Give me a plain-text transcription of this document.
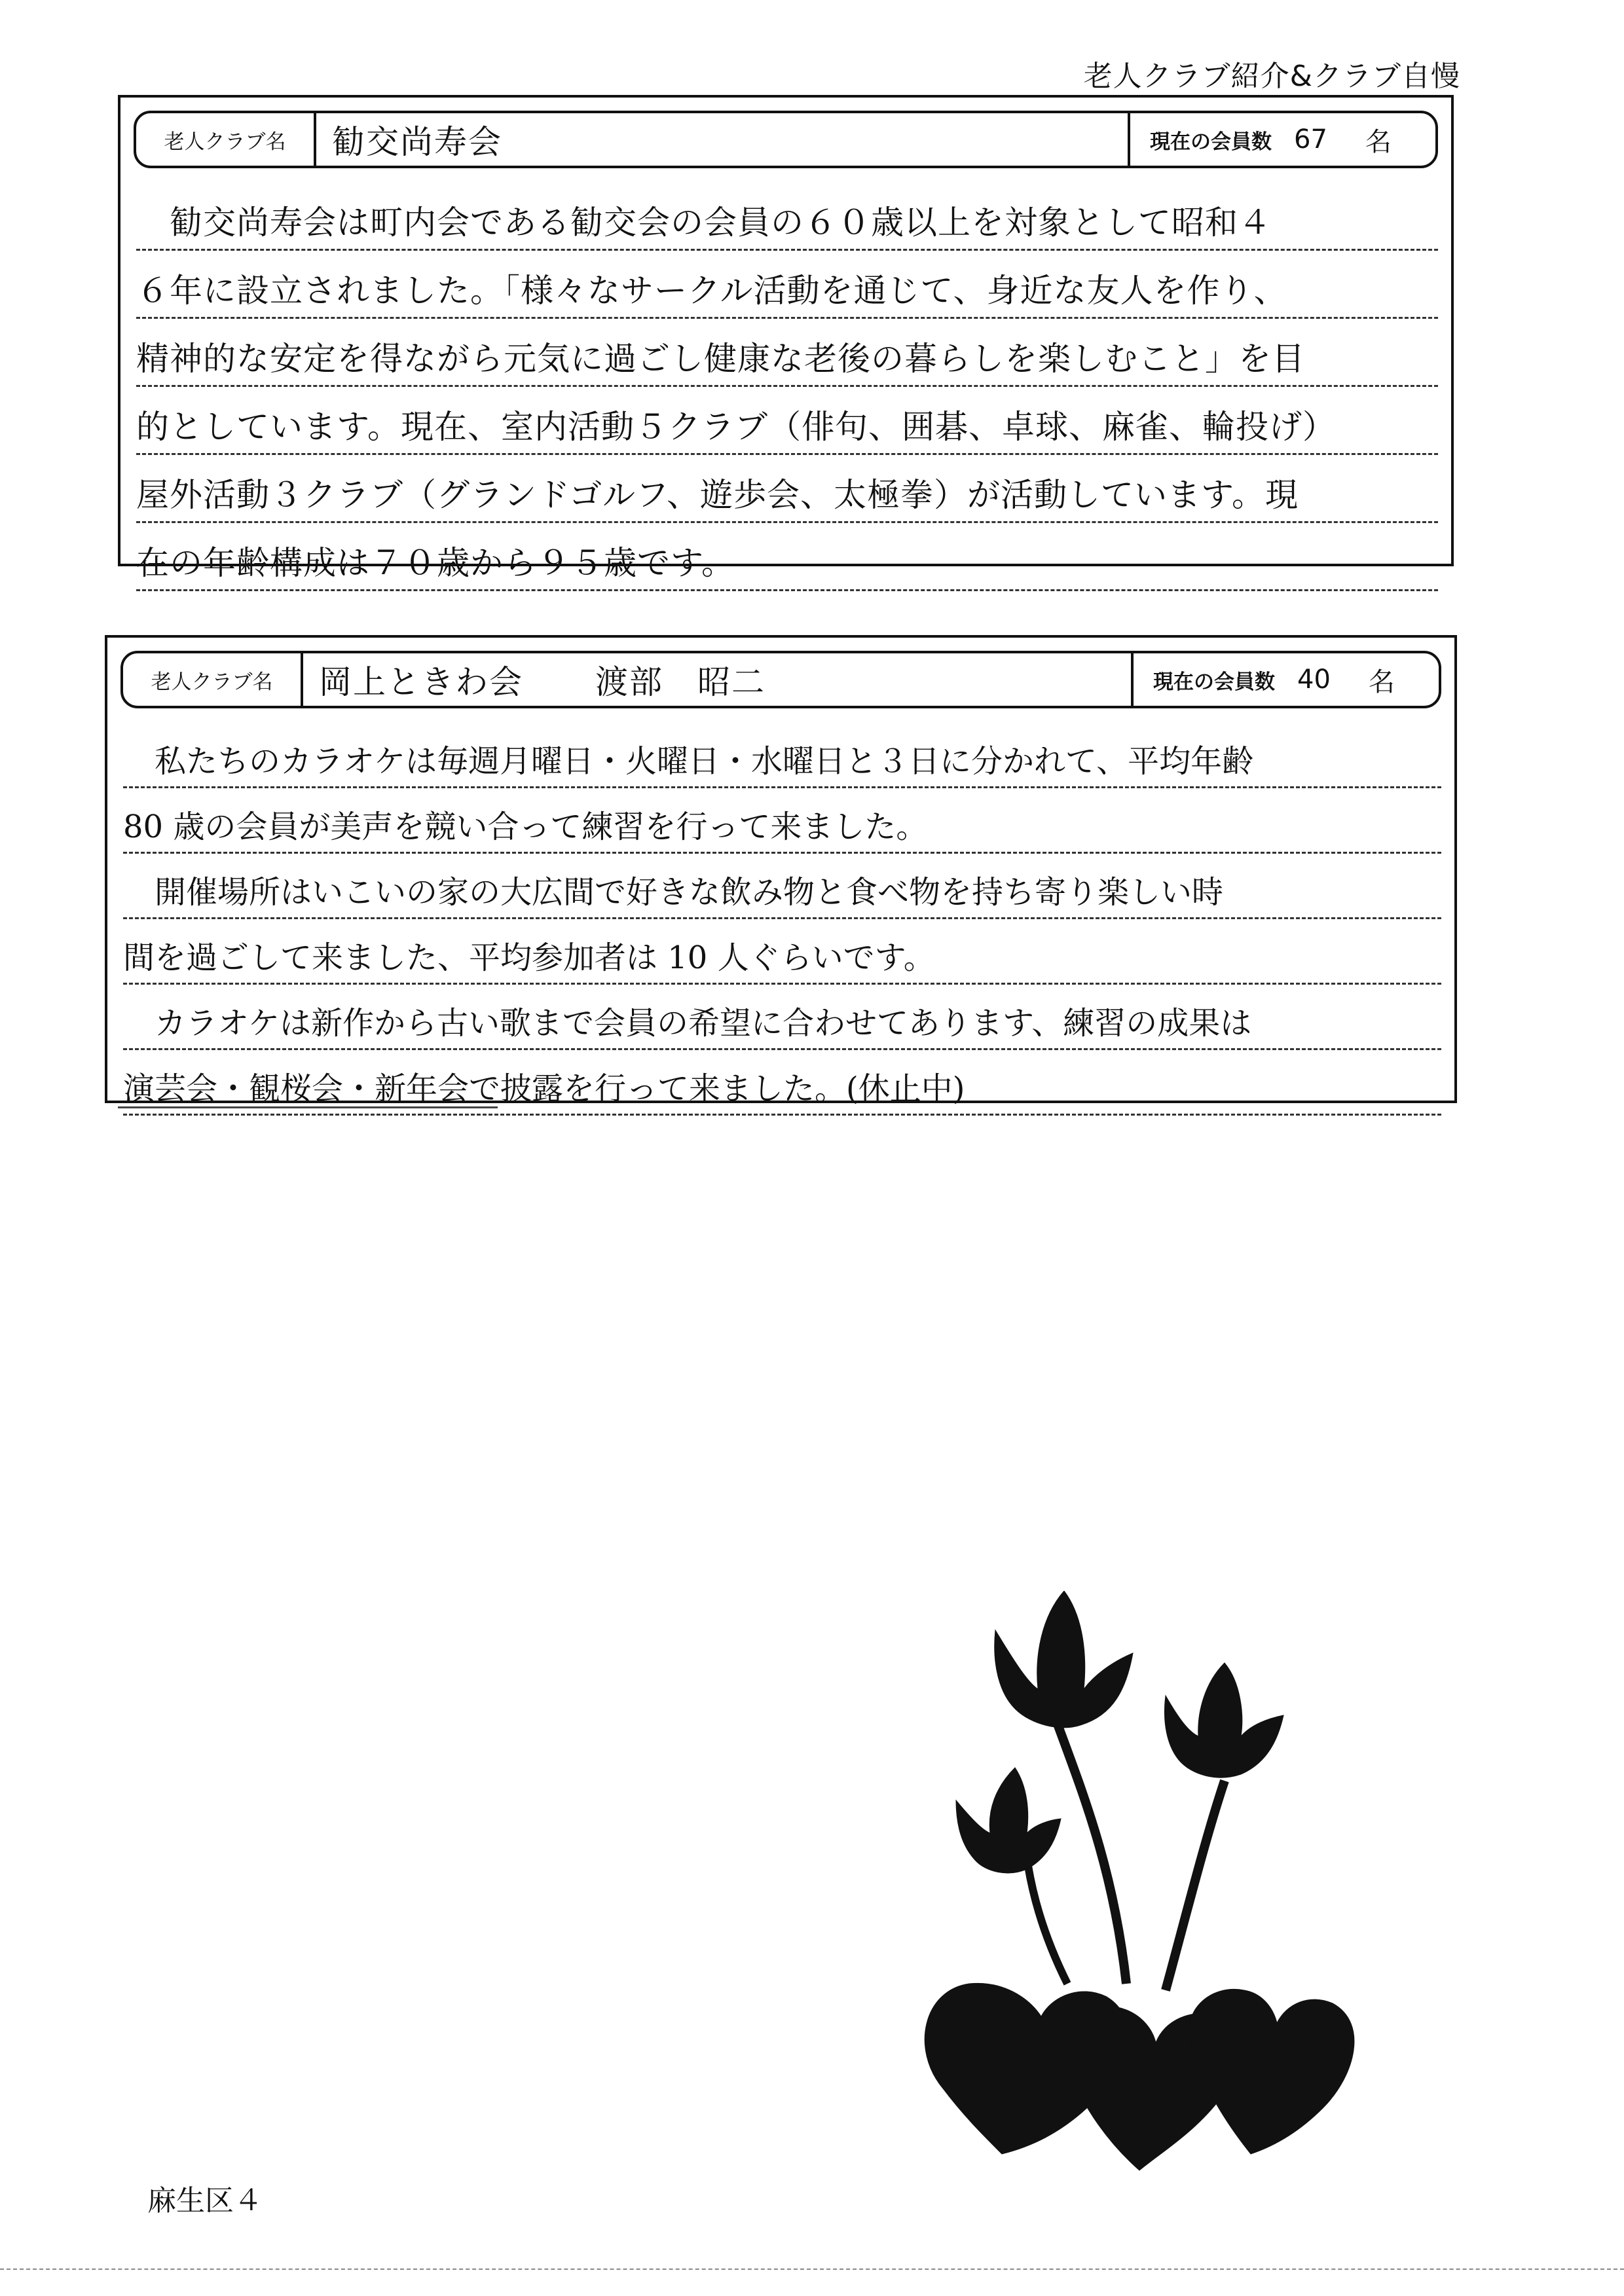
老人クラブ紹介&クラブ自慢
老人クラブ名	勧交尚寿会	現在の会員数 67 名
　勧交尚寿会は町内会である勧交会の会員の６０歳以上を対象として昭和４
６年に設立されました。「様々なサークル活動を通じて、身近な友人を作り、
精神的な安定を得ながら元気に過ごし健康な老後の暮らしを楽しむこと」を目
的としています。現在、室内活動５クラブ（俳句、囲碁、卓球、麻雀、輪投げ）
屋外活動３クラブ（グランドゴルフ、遊歩会、太極拳）が活動しています。現
在の年齢構成は７０歳から９５歳です。
老人クラブ名	岡上ときわ会 渡部　昭二	現在の会員数 40 名
　私たちのカラオケは毎週月曜日・火曜日・水曜日と３日に分かれて、平均年齢
80 歳の会員が美声を競い合って練習を行って来ました。
　開催場所はいこいの家の大広間で好きな飲み物と食べ物を持ち寄り楽しい時
間を過ごして来ました、平均参加者は 10 人ぐらいです。
　カラオケは新作から古い歌まで会員の希望に合わせてあります、練習の成果は
演芸会・観桜会・新年会で披露を行って来ました。(休止中)
麻生区４
